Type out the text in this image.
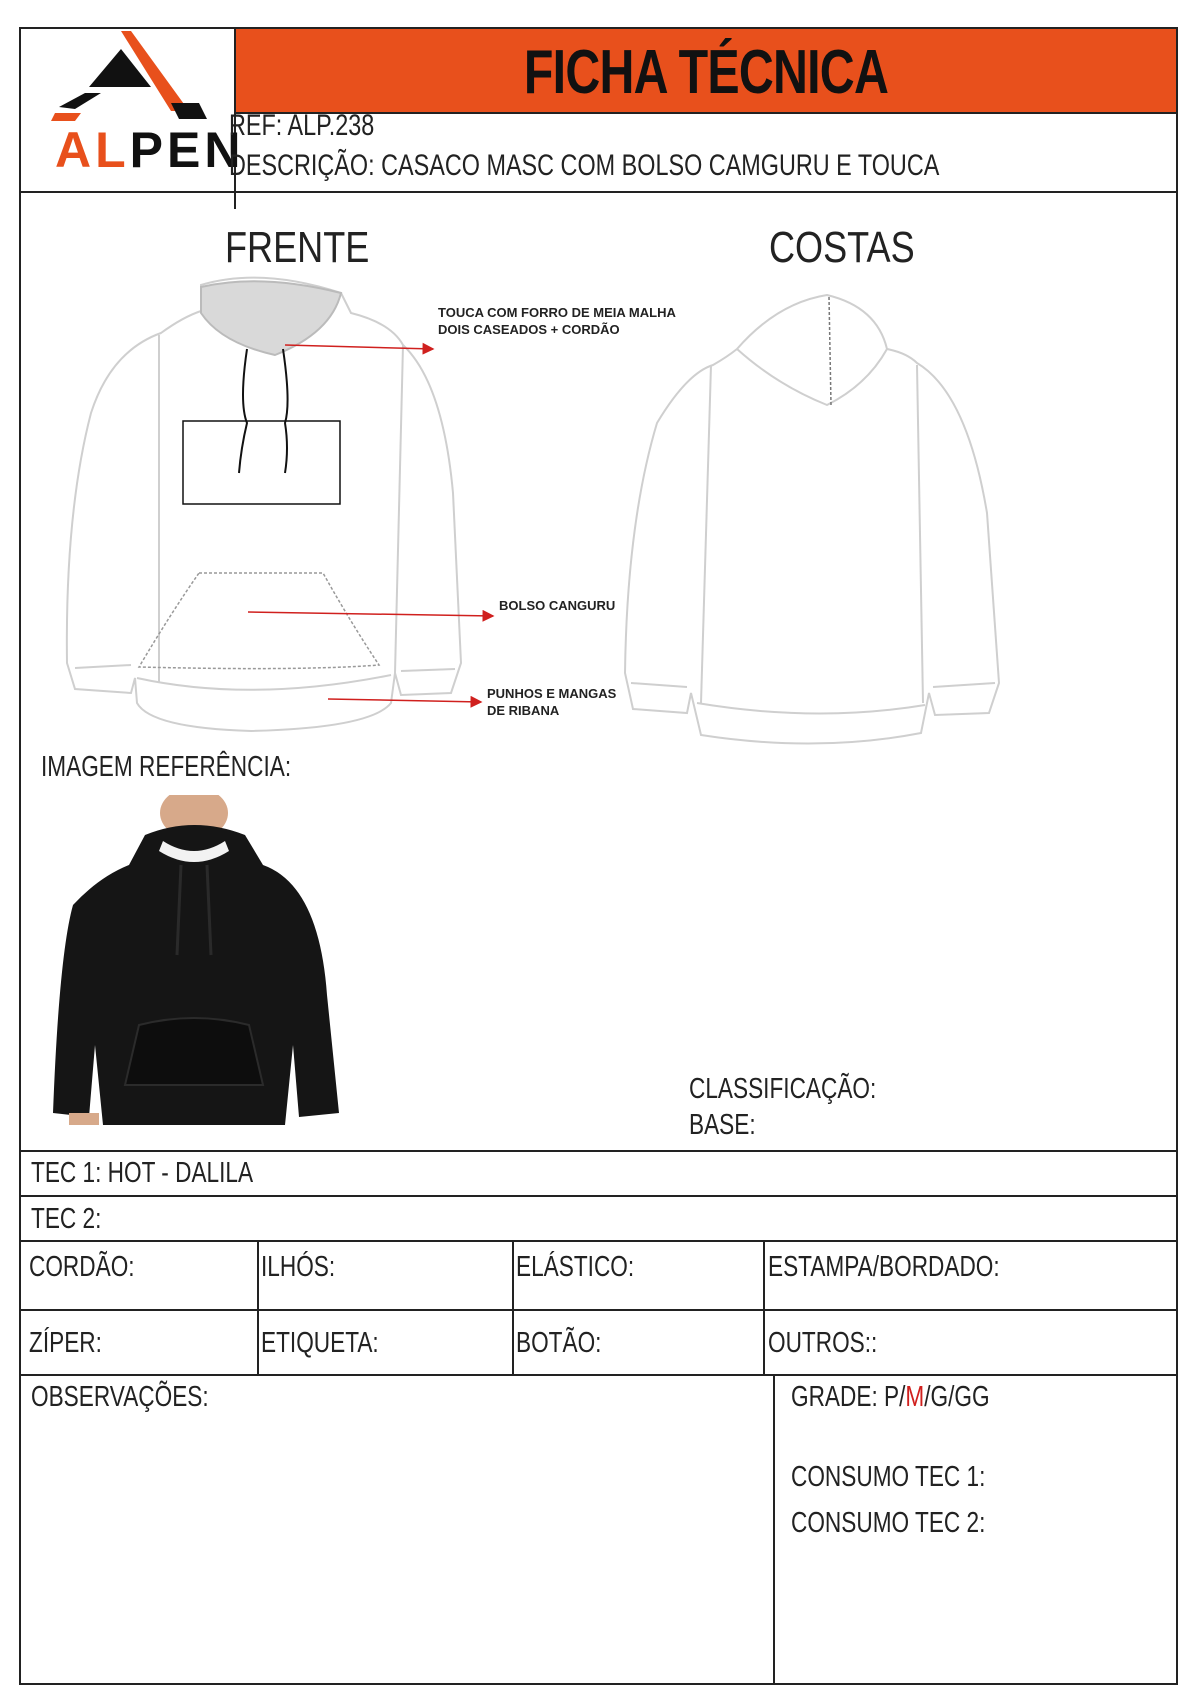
ALPEN
FICHA TÉCNICA
REF: ALP.238
DESCRIÇÃO: CASACO MASC COM BOLSO CAMGURU E TOUCA
FRENTE	COSTAS
TOUCA COM FORRO DE MEIA MALHA
DOIS CASEADOS + CORDÃO
BOLSO CANGURU
PUNHOS E MANGAS
DE RIBANA
IMAGEM REFERÊNCIA:
CLASSIFICAÇÃO:
BASE:
TEC 1: HOT - DALILA
TEC 2:
CORDÃO:	ILHÓS:	ELÁSTICO:	ESTAMPA/BORDADO:
ZÍPER:	ETIQUETA:	BOTÃO:	OUTROS::
OBSERVAÇÕES:	GRADE: P/M/G/GG
CONSUMO TEC 1:
CONSUMO TEC 2:
